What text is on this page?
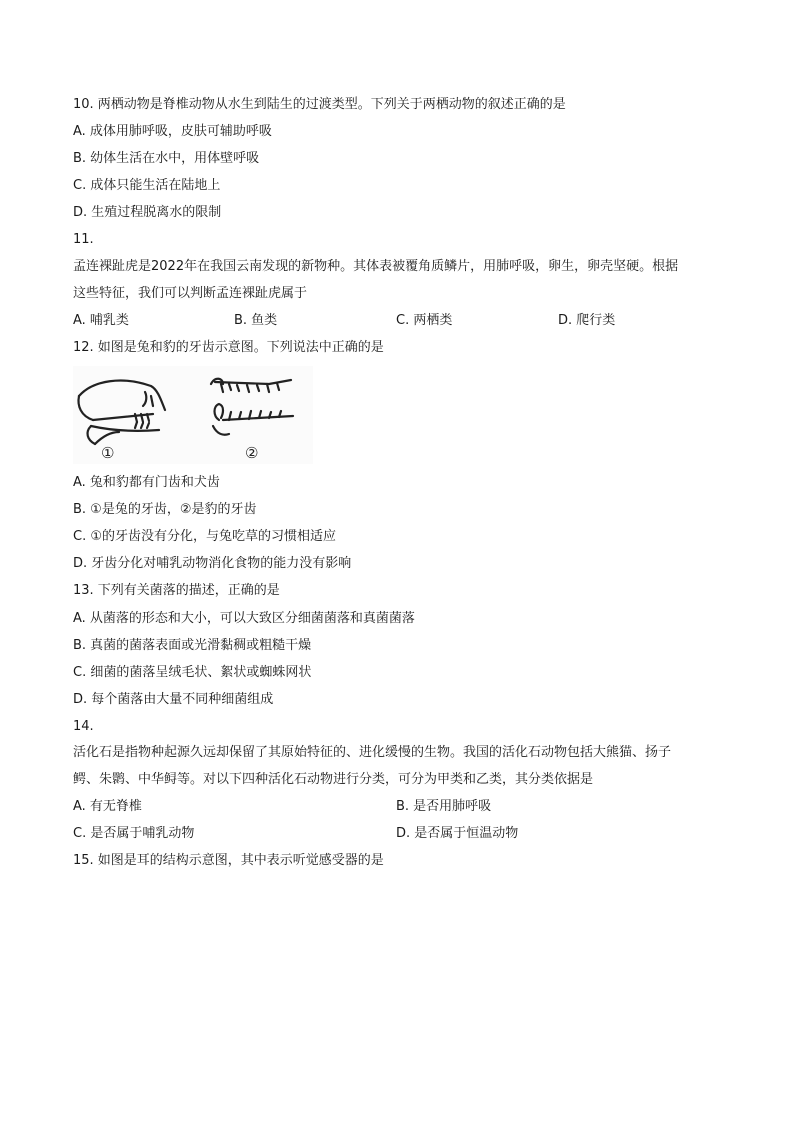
10. 两栖动物是脊椎动物从水生到陆生的过渡类型。下列关于两栖动物的叙述正确的是
A. 成体用肺呼吸，皮肤可辅助呼吸
B. 幼体生活在水中，用体壁呼吸
C. 成体只能生活在陆地上
D. 生殖过程脱离水的限制
11.
孟连裸趾虎是2022年在我国云南发现的新物种。其体表被覆角质鳞片，用肺呼吸，卵生，卵壳坚硬。根据
这些特征，我们可以判断孟连裸趾虎属于
A. 哺乳类	B. 鱼类	C. 两栖类	D. 爬行类
12. 如图是兔和豹的牙齿示意图。下列说法中正确的是
①	②
A. 兔和豹都有门齿和犬齿
B. ①是兔的牙齿，②是豹的牙齿
C. ①的牙齿没有分化，与兔吃草的习惯相适应
D. 牙齿分化对哺乳动物消化食物的能力没有影响
13. 下列有关菌落的描述，正确的是
A. 从菌落的形态和大小，可以大致区分细菌菌落和真菌菌落
B. 真菌的菌落表面或光滑黏稠或粗糙干燥
C. 细菌的菌落呈绒毛状、絮状或蜘蛛网状
D. 每个菌落由大量不同种细菌组成
14.
活化石是指物种起源久远却保留了其原始特征的、进化缓慢的生物。我国的活化石动物包括大熊猫、扬子
鳄、朱鹮、中华鲟等。对以下四种活化石动物进行分类，可分为甲类和乙类，其分类依据是
A. 有无脊椎	B. 是否用肺呼吸
C. 是否属于哺乳动物	D. 是否属于恒温动物
15. 如图是耳的结构示意图，其中表示听觉感受器的是
